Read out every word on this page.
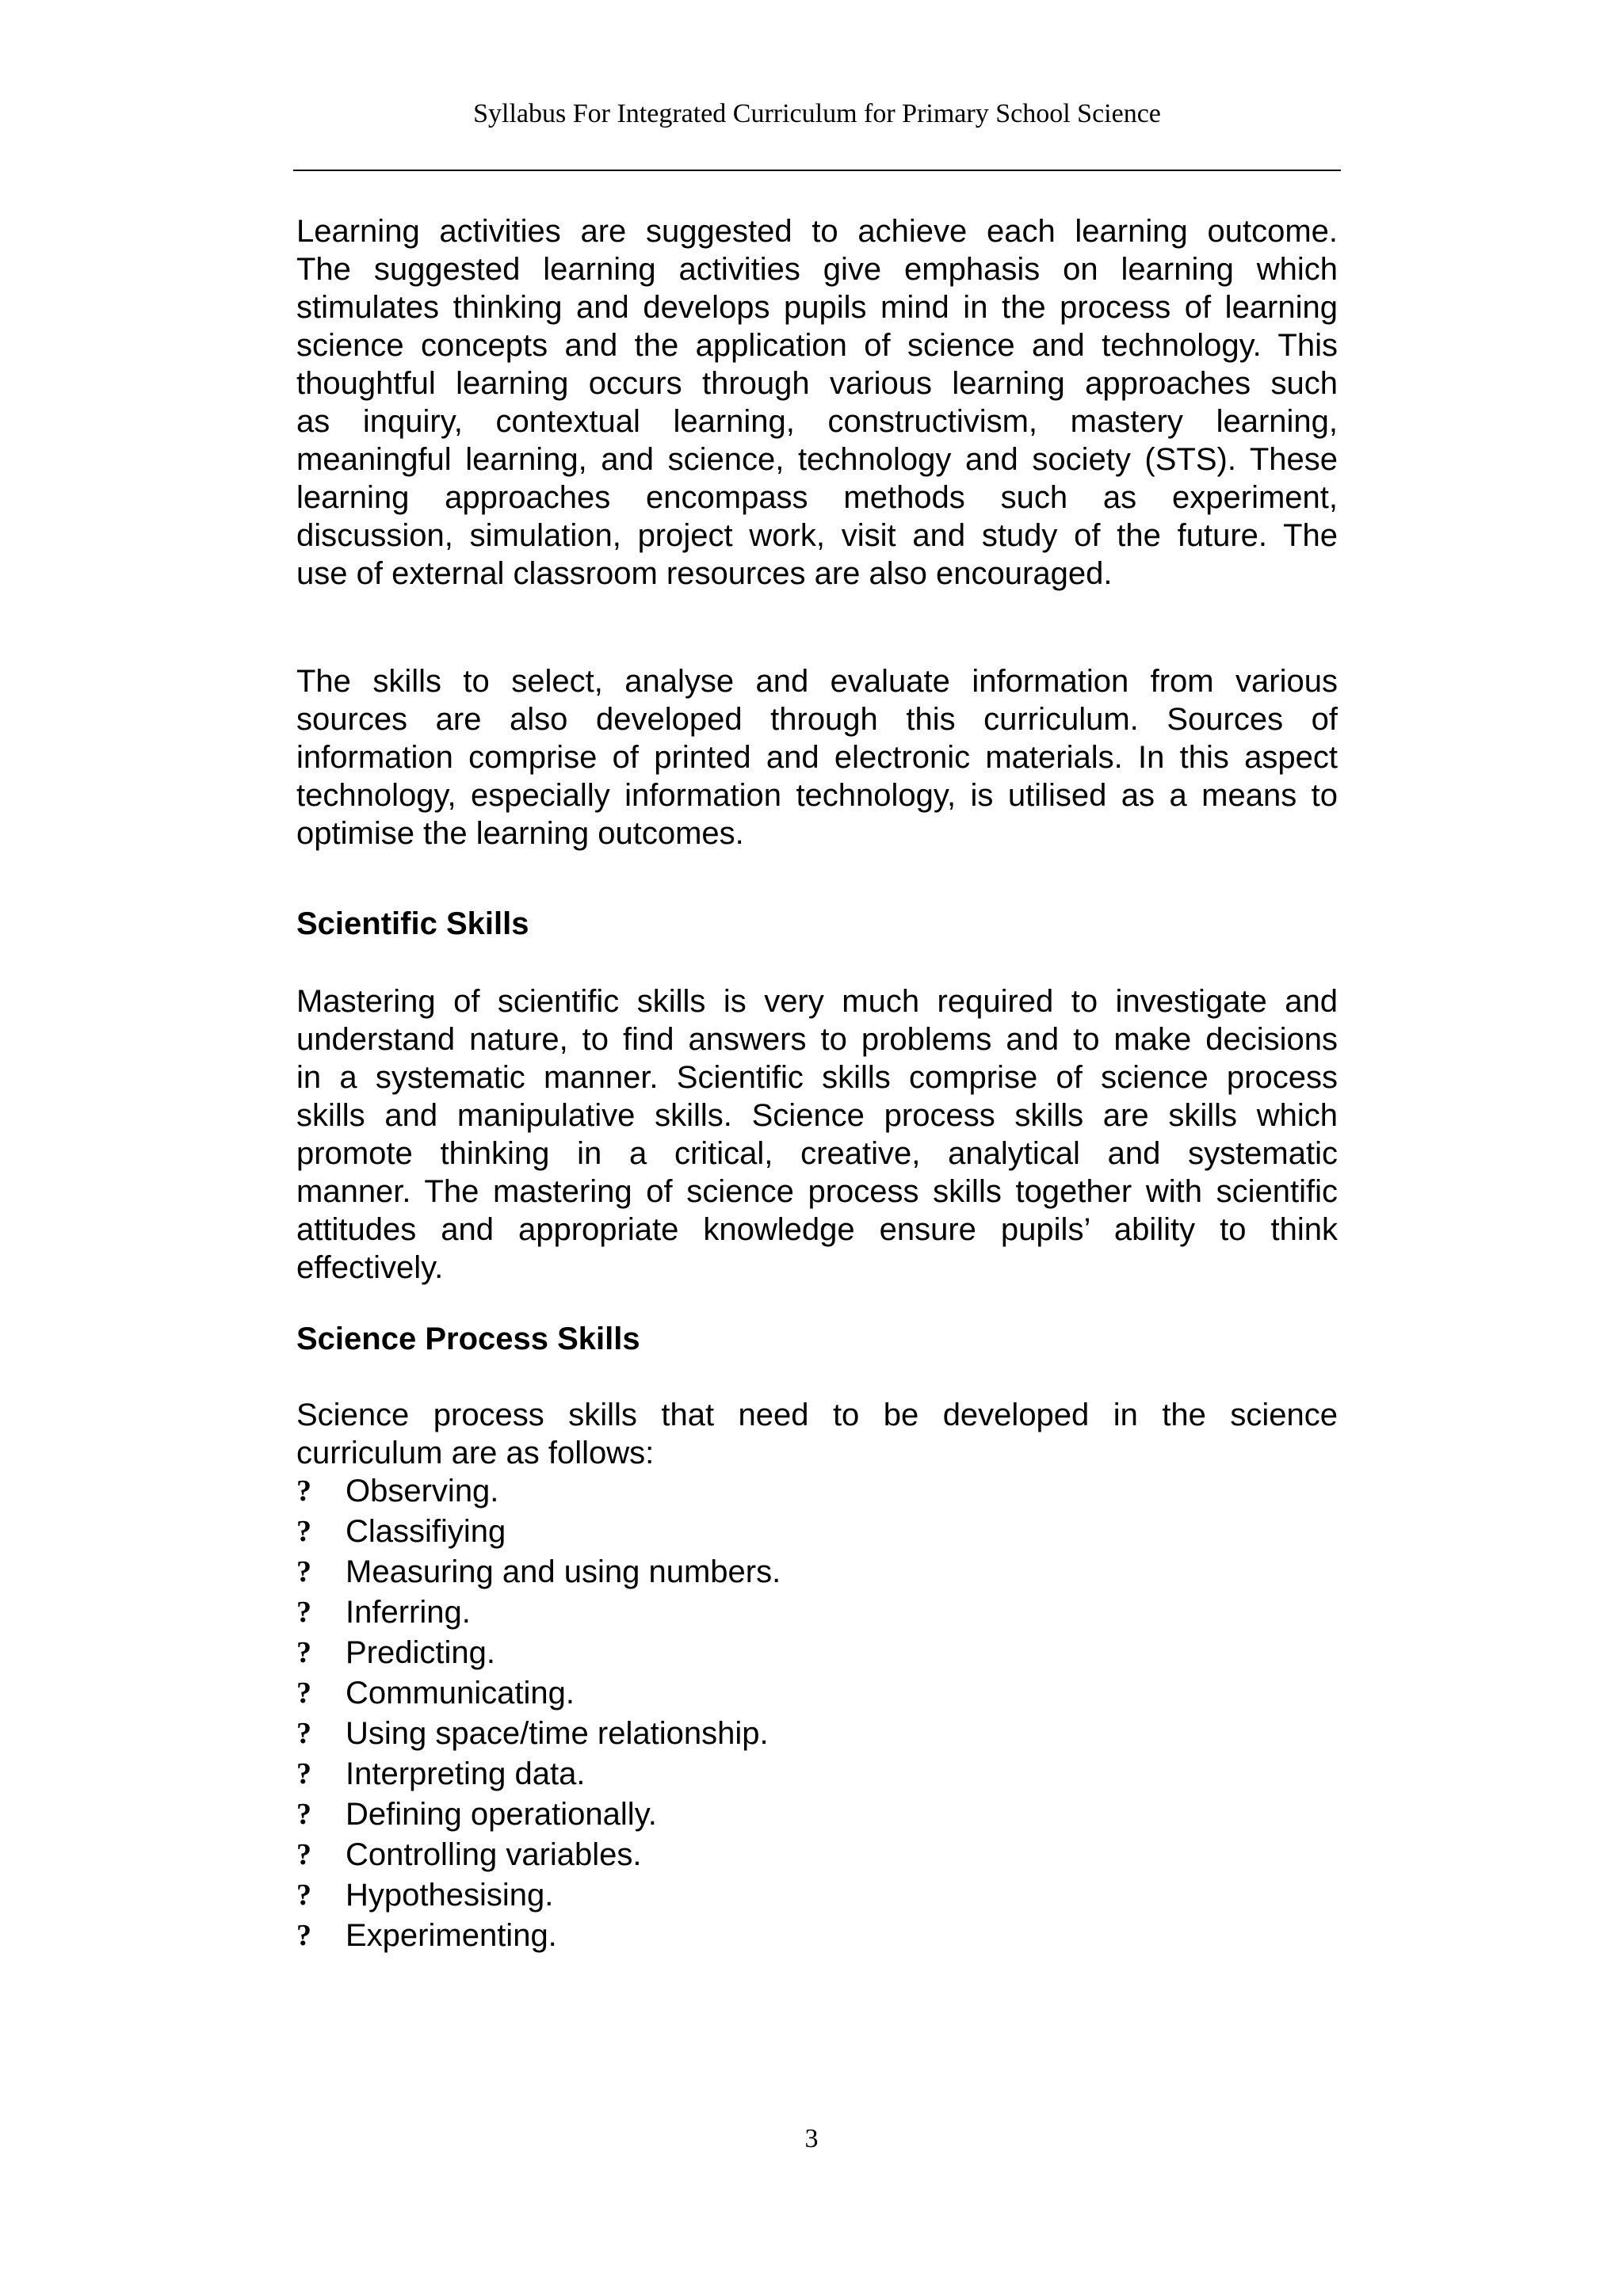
Syllabus For Integrated Curriculum for Primary School Science
Learning activities are suggested to achieve each learning outcome.
The suggested learning activities give emphasis on learning which
stimulates thinking and develops pupils mind in the process of learning
science concepts and the application of science and technology. This
thoughtful learning occurs through various learning approaches such
as inquiry, contextual learning, constructivism, mastery learning,
meaningful learning, and science, technology and society (STS). These
learning approaches encompass methods such as experiment,
discussion, simulation, project work, visit and study of the future. The
use of external classroom resources are also encouraged.
The skills to select, analyse and evaluate information from various
sources are also developed through this curriculum. Sources of
information comprise of printed and electronic materials. In this aspect
technology, especially information technology, is utilised as a means to
optimise the learning outcomes.
Scientific Skills
Mastering of scientific skills is very much required to investigate and
understand nature, to find answers to problems and to make decisions
in a systematic manner. Scientific skills comprise of science process
skills and manipulative skills. Science process skills are skills which
promote thinking in a critical, creative, analytical and systematic
manner. The mastering of science process skills together with scientific
attitudes and appropriate knowledge ensure pupils’ ability to think
effectively.
Science Process Skills
Science process skills that need to be developed in the science
curriculum are as follows:
? Observing.
? Classifiying
? Measuring and using numbers.
? Inferring.
? Predicting.
? Communicating.
? Using space/time relationship.
? Interpreting data.
? Defining operationally.
? Controlling variables.
? Hypothesising.
? Experimenting.
3
